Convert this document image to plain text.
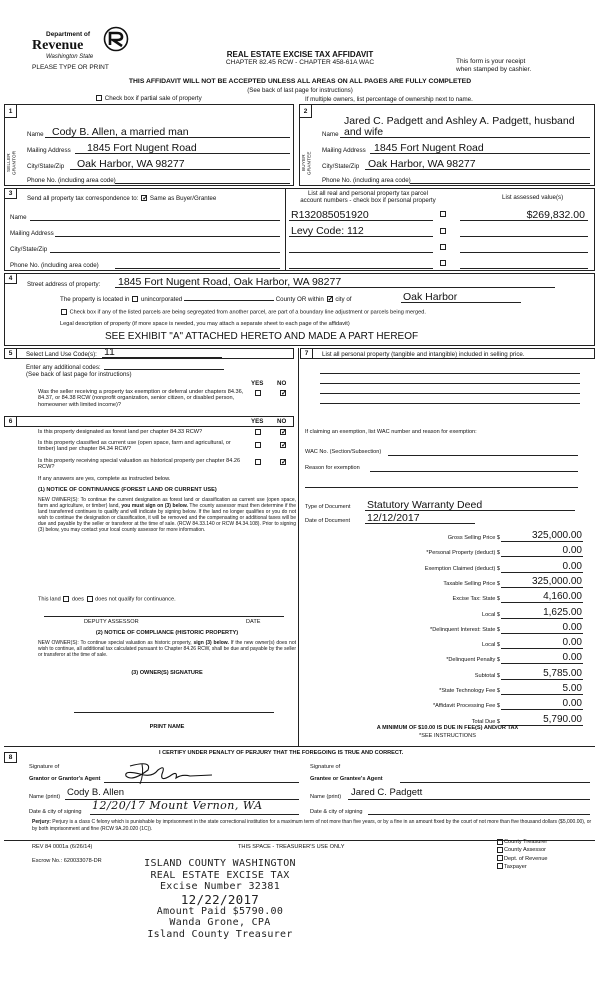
Department of
Revenue
Washington State
PLEASE TYPE OR PRINT
REAL ESTATE EXCISE TAX AFFIDAVIT
CHAPTER 82.45 RCW - CHAPTER 458-61A WAC	This form is your receipt
when stamped by cashier.
THIS AFFIDAVIT WILL NOT BE ACCEPTED UNLESS ALL AREAS ON ALL PAGES ARE FULLY COMPLETED
(See back of last page for instructions)
Check box if partial sale of property	If multiple owners, list percentage of ownership next to name.
1
SELLER GRANTOR
Name Cody B. Allen, a married man
Mailing Address 1845 Fort Nugent Road
City/State/Zip Oak Harbor, WA 98277
Phone No. (including area code)
2
BUYER GRANTEE
Jared C. Padgett and Ashley A. Padgett, husband
Name and wife
Mailing Address 1845 Fort Nugent Road
City/State/Zip Oak Harbor, WA 98277
Phone No. (including area code)
3
Send all property tax correspondence to: ✓ Same as Buyer/Grantee
Name
Mailing Address
City/State/Zip
Phone No. (including area code)
List all real and personal property tax parcel
account numbers - check box if personal property	List assessed value(s)
R132085051920	$269,832.00
Levy Code: 112
4
Street address of property: 1845 Fort Nugent Road, Oak Harbor, WA 98277
The property is located in unincorporated	County OR within ✓ city of	Oak Harbor
Check box if any of the listed parcels are being segregated from another parcel, are part of a boundary line adjustment or parcels being merged.
Legal description of property (if more space is needed, you may attach a separate sheet to each page of the affidavit)
SEE EXHIBIT "A" ATTACHED HERETO AND MADE A PART HEREOF
5	Select Land Use Code(s): 11
Enter any additional codes:
(See back of last page for instructions)
YES NO
Was the seller receiving a property tax exemption or deferral under chapters 84.36, 84.37, or 84.38 RCW (nonprofit organization, senior citizen, or disabled person, homeowner with limited income)?
✓
6	YES NO
Is this property designated as forest land per chapter 84.33 RCW?
✓
Is this property classified as current use (open space, farm and agricultural, or timber) land per chapter 84.34 RCW?
✓
Is this property receiving special valuation as historical property per chapter 84.26 RCW?
✓
If any answers are yes, complete as instructed below.
(1) NOTICE OF CONTINUANCE (FOREST LAND OR CURRENT USE)
NEW OWNER(S): To continue the current designation as forest land or classification as current use (open space, farm and agriculture, or timber) land, you must sign on (3) below. The county assessor must then determine if the land transferred continues to qualify and will indicate by signing below. If the land no longer qualifies or you do not wish to continue the designation or classification, it will be removed and the compensating or additional taxes will be due and payable by the seller or transferor at the time of sale. (RCW 84.33.140 or RCW 84.34.108). Prior to signing (3) below, you may contact your local county assessor for more information.
This land does does not qualify for continuance.
DEPUTY ASSESSOR	DATE
(2) NOTICE OF COMPLIANCE (HISTORIC PROPERTY)
NEW OWNER(S): To continue special valuation as historic property, sign (3) below. If the new owner(s) does not wish to continue, all additional tax calculated pursuant to Chapter 84.26 RCW, shall be due and payable by the seller or transferor at the time of sale.
(3) OWNER(S) SIGNATURE
PRINT NAME
7	List all personal property (tangible and intangible) included in selling price.
If claiming an exemption, list WAC number and reason for exemption:
WAC No. (Section/Subsection)
Reason for exemption
Type of Document Statutory Warranty Deed
Date of Document 12/12/2017
Gross Selling Price $	325,000.00
*Personal Property (deduct) $	0.00
Exemption Claimed (deduct) $	0.00
Taxable Selling Price $	325,000.00
Excise Tax: State $	4,160.00
Local $	1,625.00
*Delinquent Interest: State $	0.00
Local $	0.00
*Delinquent Penalty $	0.00
Subtotal $	5,785.00
*State Technology Fee $	5.00
*Affidavit Processing Fee $	0.00
Total Due $	5,790.00
A MINIMUM OF $10.00 IS DUE IN FEE(S) AND/OR TAX
*SEE INSTRUCTIONS
8
I CERTIFY UNDER PENALTY OF PERJURY THAT THE FOREGOING IS TRUE AND CORRECT.
Signature of
Grantor or Grantor's Agent
Signature of
Grantee or Grantee's Agent
Name (print) Cody B. Allen	Name (print) Jared C. Padgett
Date & city of signing 12/20/17 Mount Vernon, WA	Date & city of signing
Perjury: Perjury is a class C felony which is punishable by imprisonment in the state correctional institution for a maximum term of not more than five years, or by a fine in an amount fixed by the court of not more than five thousand dollars ($5,000.00), or by both imprisonment and fine (RCW 9A.20.020 (1C)).
REV 84 0001a (6/26/14)	THIS SPACE - TREASURER'S USE ONLY
Escrow No.: 620033078-DR
County Treasurer
County Assessor
Dept. of Revenue
Taxpayer
ISLAND COUNTY WASHINGTON
REAL ESTATE EXCISE TAX
Excise Number 32381
12/22/2017
Amount Paid $5790.00
Wanda Grone, CPA
Island County Treasurer
